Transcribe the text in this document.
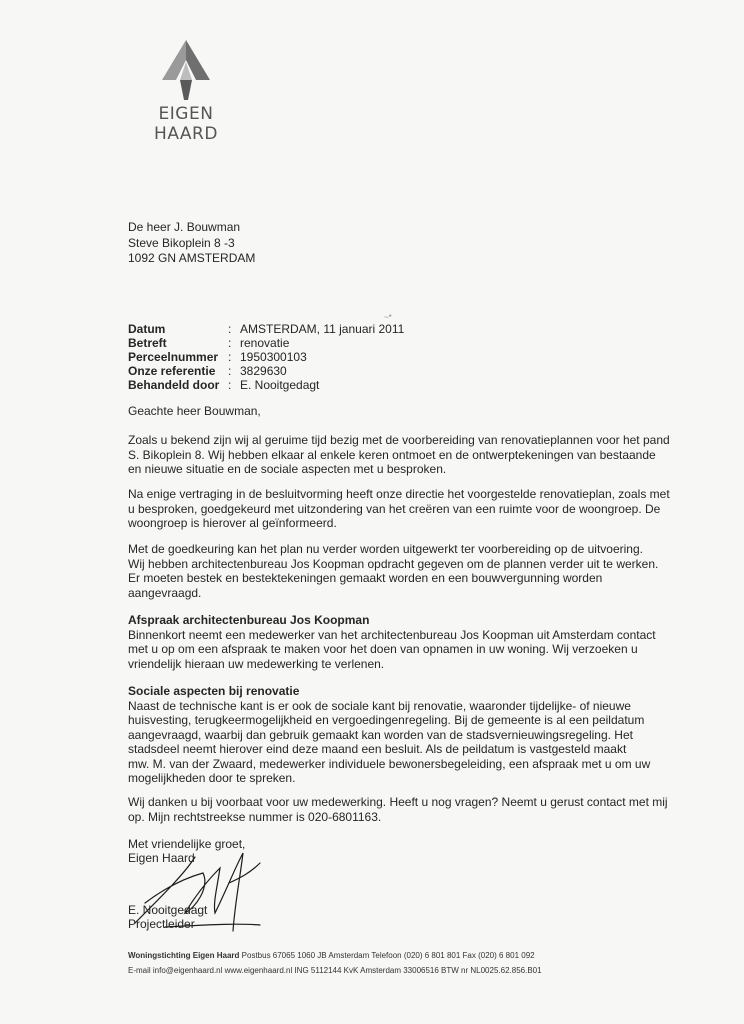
EIGEN HAARD
De heer J. Bouwman
Steve Bikoplein 8 -3
1092 GN AMSTERDAM
~*
Datum	: AMSTERDAM, 11 januari 2011
Betreft	: renovatie
Perceelnummer : 1950300103
Onze referentie	: 3829630
Behandeld door : E. Nooitgedagt
Geachte heer Bouwman,
Zoals u bekend zijn wij al geruime tijd bezig met de voorbereiding van renovatieplannen voor het pand
S. Bikoplein 8. Wij hebben elkaar al enkele keren ontmoet en de ontwerptekeningen van bestaande
en nieuwe situatie en de sociale aspecten met u besproken.
Na enige vertraging in de besluitvorming heeft onze directie het voorgestelde renovatieplan, zoals met
u besproken, goedgekeurd met uitzondering van het creëren van een ruimte voor de woongroep. De
woongroep is hierover al geïnformeerd.
Met de goedkeuring kan het plan nu verder worden uitgewerkt ter voorbereiding op de uitvoering.
Wij hebben architectenbureau Jos Koopman opdracht gegeven om de plannen verder uit te werken.
Er moeten bestek en bestektekeningen gemaakt worden en een bouwvergunning worden
aangevraagd.
Afspraak architectenbureau Jos Koopman
Binnenkort neemt een medewerker van het architectenbureau Jos Koopman uit Amsterdam contact
met u op om een afspraak te maken voor het doen van opnamen in uw woning. Wij verzoeken u
vriendelijk hieraan uw medewerking te verlenen.
Sociale aspecten bij renovatie
Naast de technische kant is er ook de sociale kant bij renovatie, waaronder tijdelijke- of nieuwe
huisvesting, terugkeermogelijkheid en vergoedingenregeling. Bij de gemeente is al een peildatum
aangevraagd, waarbij dan gebruik gemaakt kan worden van de stadsvernieuwingsregeling. Het
stadsdeel neemt hierover eind deze maand een besluit. Als de peildatum is vastgesteld maakt
mw. M. van der Zwaard, medewerker individuele bewonersbegeleiding, een afspraak met u om uw
mogelijkheden door te spreken.
Wij danken u bij voorbaat voor uw medewerking. Heeft u nog vragen? Neemt u gerust contact met mij
op. Mijn rechtstreekse nummer is 020-6801163.
Met vriendelijke groet,
Eigen Haard
E. Nooitgedagt
Projectleider
Woningstichting Eigen Haard Postbus 67065 1060 JB Amsterdam Telefoon (020) 6 801 801 Fax (020) 6 801 092
E-mail info@eigenhaard.nl www.eigenhaard.nl ING 5112144 KvK Amsterdam 33006516 BTW nr NL0025.62.856.B01
